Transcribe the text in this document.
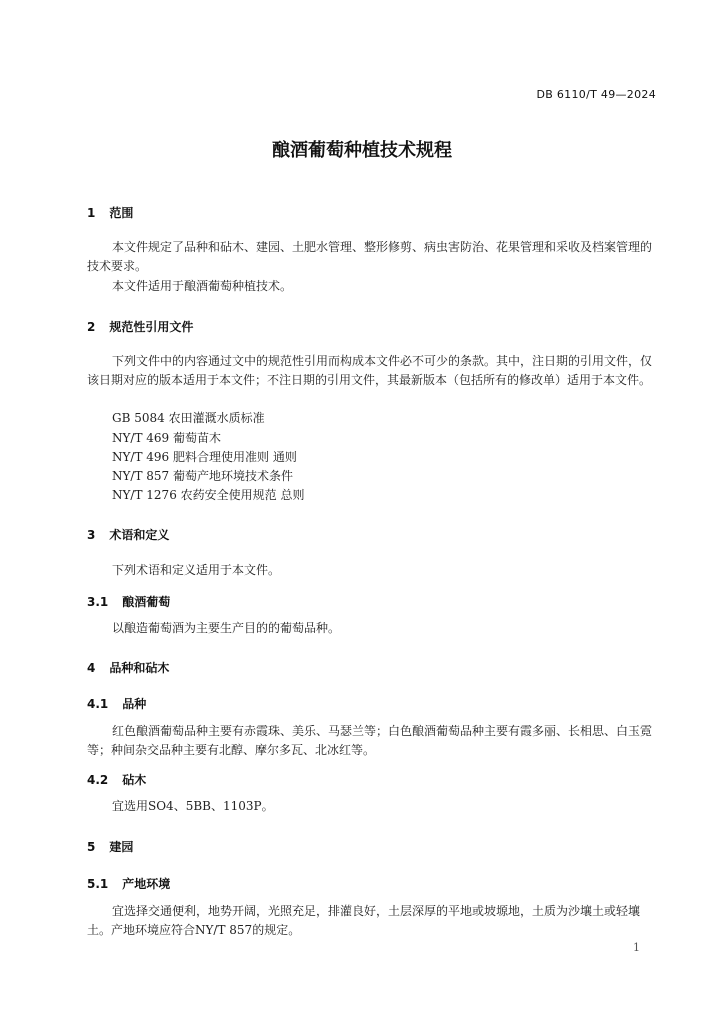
DB 6110/T 49—2024
酿酒葡萄种植技术规程
1 范围
本文件规定了品种和砧木、建园、土肥水管理、整形修剪、病虫害防治、花果管理和采收及档案管理的技术要求。
本文件适用于酿酒葡萄种植技术。
2 规范性引用文件
下列文件中的内容通过文中的规范性引用而构成本文件必不可少的条款。其中，注日期的引用文件，仅该日期对应的版本适用于本文件；不注日期的引用文件，其最新版本（包括所有的修改单）适用于本文件。
GB 5084 农田灌溉水质标准
NY/T 469 葡萄苗木
NY/T 496 肥料合理使用准则 通则
NY/T 857 葡萄产地环境技术条件
NY/T 1276 农药安全使用规范 总则
3 术语和定义
下列术语和定义适用于本文件。
3.1 酿酒葡萄
以酿造葡萄酒为主要生产目的的葡萄品种。
4 品种和砧木
4.1 品种
红色酿酒葡萄品种主要有赤霞珠、美乐、马瑟兰等；白色酿酒葡萄品种主要有霞多丽、长相思、白玉霓等；种间杂交品种主要有北醇、摩尔多瓦、北冰红等。
4.2 砧木
宜选用SO4、5BB、1103P。
5 建园
5.1 产地环境
宜选择交通便利，地势开阔，光照充足，排灌良好，土层深厚的平地或坡塬地，土质为沙壤土或轻壤土。产地环境应符合NY/T 857的规定。
1
